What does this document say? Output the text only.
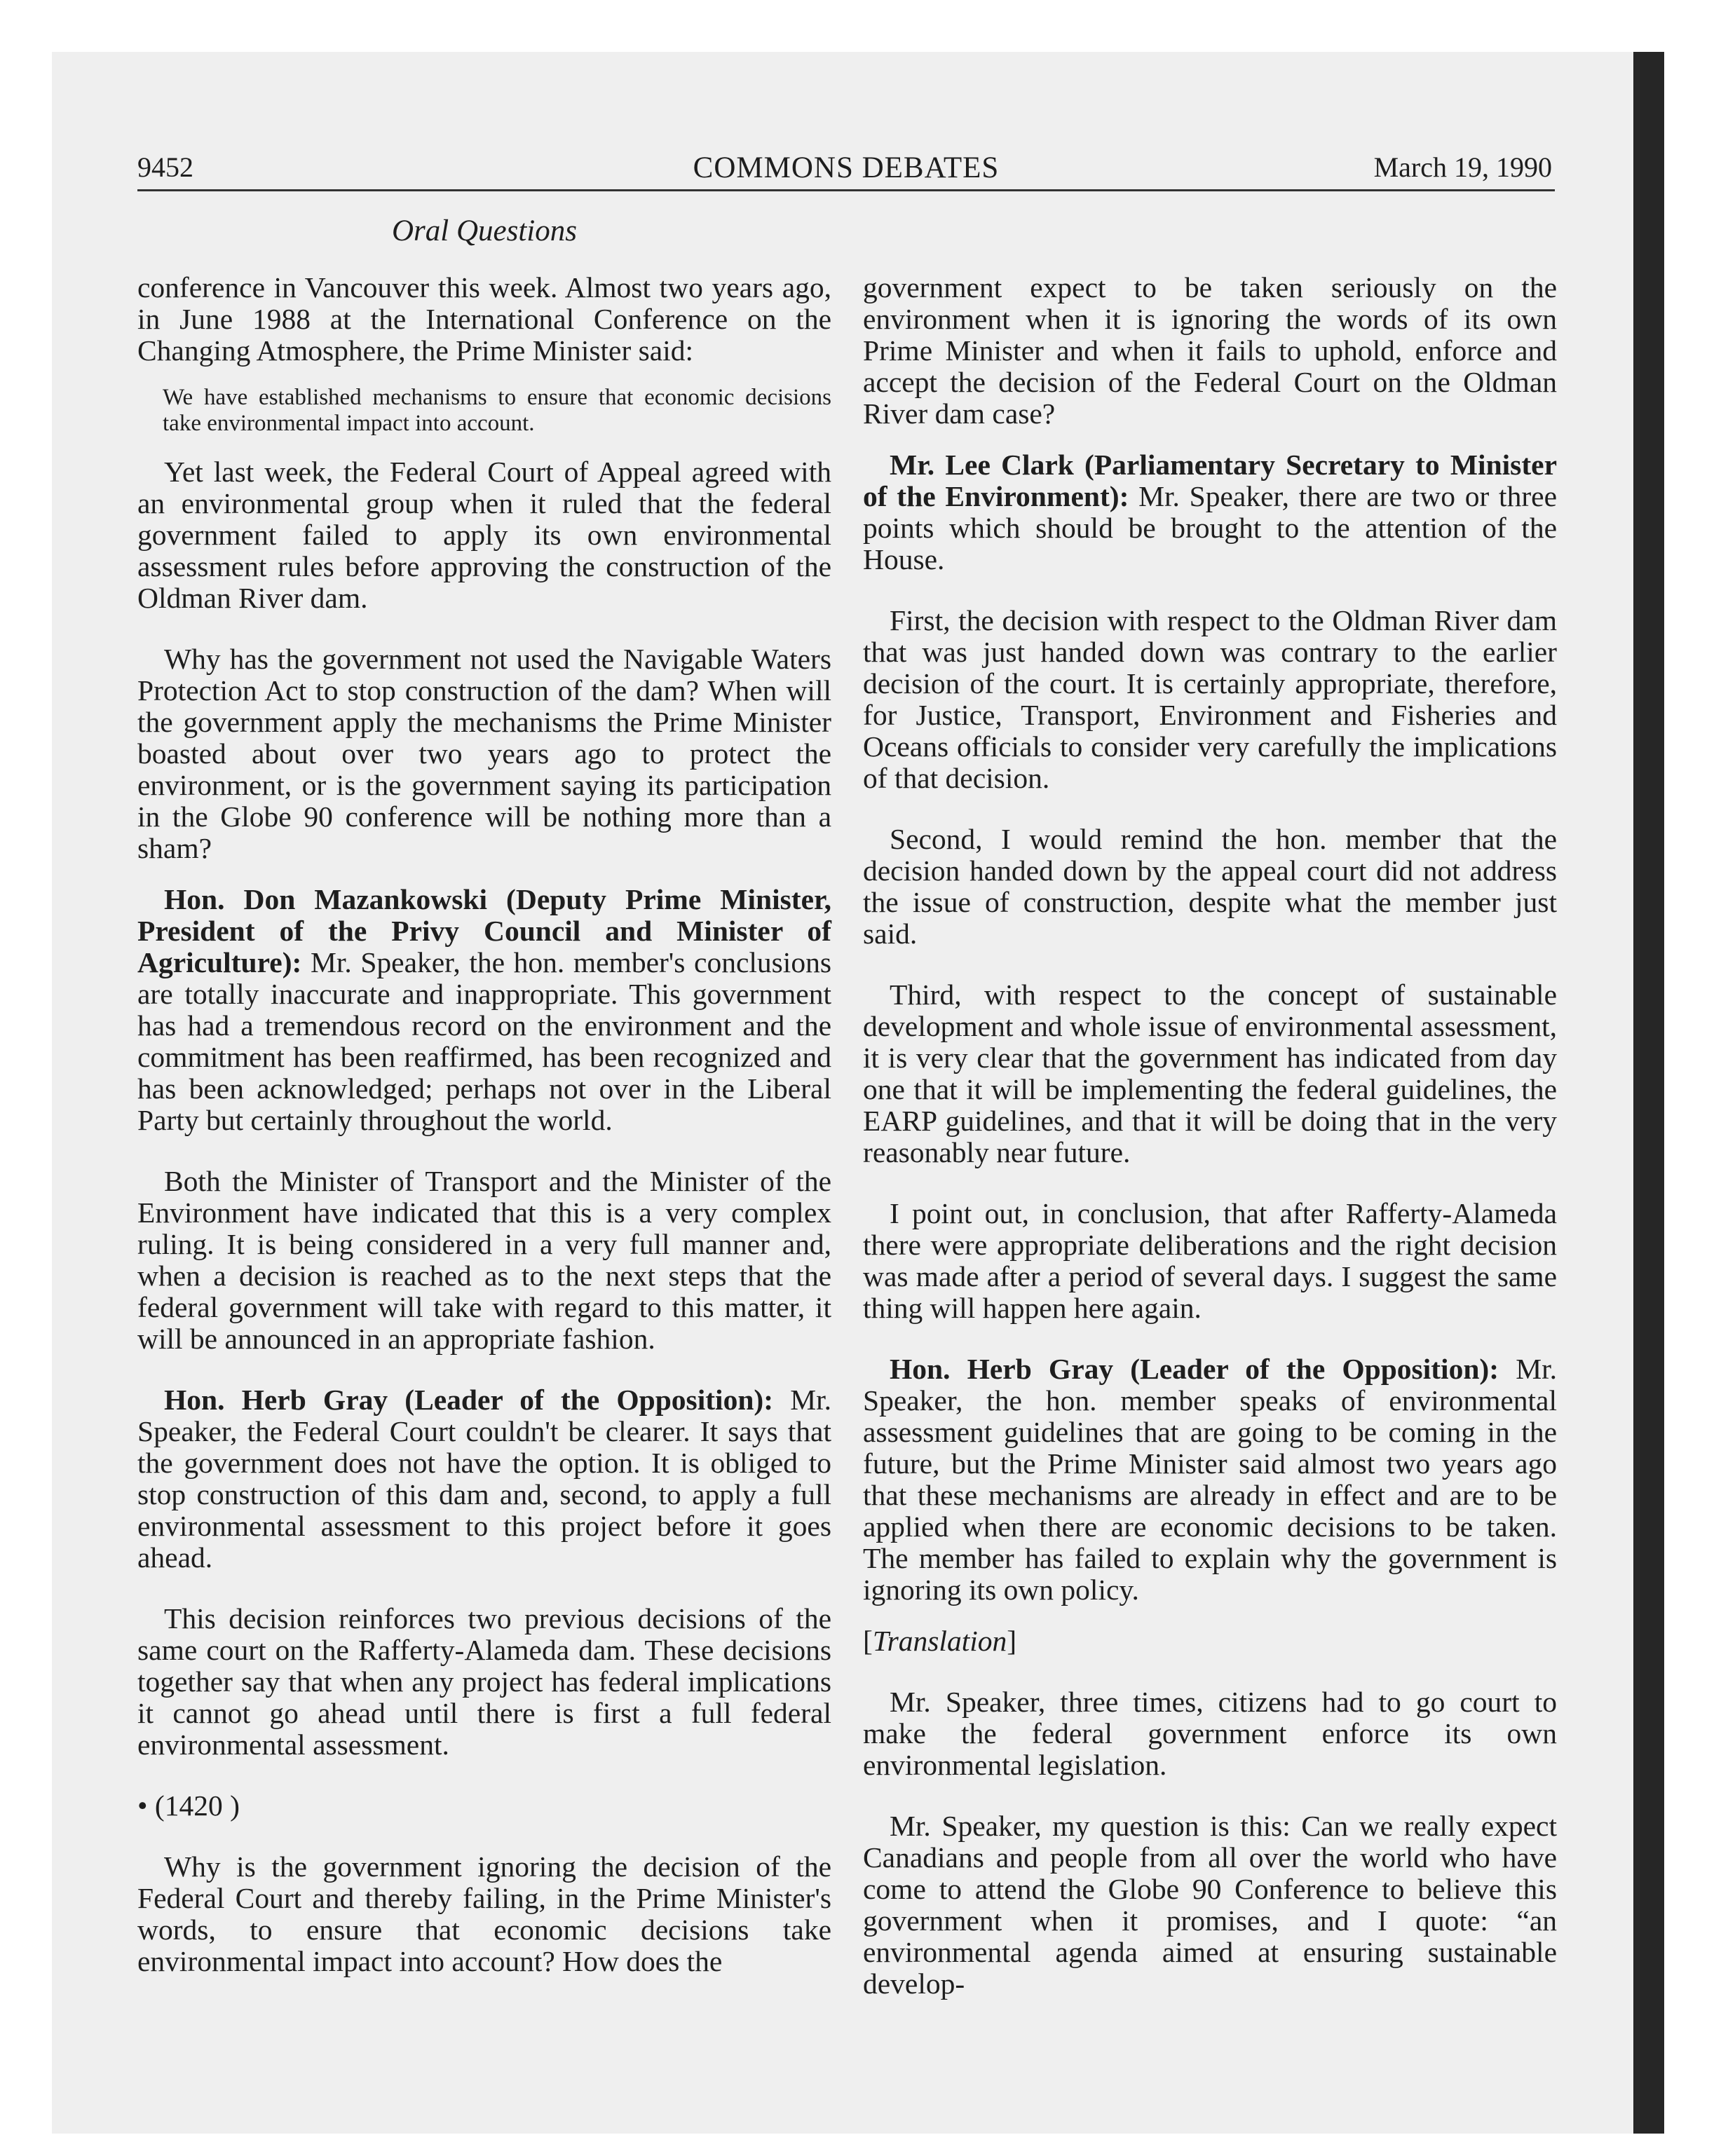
9452	COMMONS DEBATES	March 19, 1990
Oral Questions

conference in Vancouver this week. Almost two years ago, in June 1988 at the International Conference on the Changing Atmosphere, the Prime Minister said:

We have established mechanisms to ensure that economic decisions take environmental impact into account.

Yet last week, the Federal Court of Appeal agreed with an environmental group when it ruled that the federal government failed to apply its own environmental assessment rules before approving the construction of the Oldman River dam.

Why has the government not used the Navigable Waters Protection Act to stop construction of the dam? When will the government apply the mechanisms the Prime Minister boasted about over two years ago to protect the environment, or is the government saying its participation in the Globe 90 conference will be nothing more than a sham?

Hon. Don Mazankowski (Deputy Prime Minister, President of the Privy Council and Minister of Agriculture): Mr. Speaker, the hon. member's conclusions are totally inaccurate and inappropriate. This government has had a tremendous record on the environment and the commitment has been reaffirmed, has been recognized and has been acknowledged; perhaps not over in the Liberal Party but certainly throughout the world.

Both the Minister of Transport and the Minister of the Environment have indicated that this is a very complex ruling. It is being considered in a very full manner and, when a decision is reached as to the next steps that the federal government will take with regard to this matter, it will be announced in an appropriate fashion.

Hon. Herb Gray (Leader of the Opposition): Mr. Speaker, the Federal Court couldn't be clearer. It says that the government does not have the option. It is obliged to stop construction of this dam and, second, to apply a full environmental assessment to this project before it goes ahead.

This decision reinforces two previous decisions of the same court on the Rafferty-Alameda dam. These decisions together say that when any project has federal implications it cannot go ahead until there is first a full federal environmental assessment.

• (1420 )

Why is the government ignoring the decision of the Federal Court and thereby failing, in the Prime Minister's words, to ensure that economic decisions take environmental impact into account? How does the

government expect to be taken seriously on the environment when it is ignoring the words of its own Prime Minister and when it fails to uphold, enforce and accept the decision of the Federal Court on the Oldman River dam case?

Mr. Lee Clark (Parliamentary Secretary to Minister of the Environment): Mr. Speaker, there are two or three points which should be brought to the attention of the House.

First, the decision with respect to the Oldman River dam that was just handed down was contrary to the earlier decision of the court. It is certainly appropriate, therefore, for Justice, Transport, Environment and Fisheries and Oceans officials to consider very carefully the implications of that decision.

Second, I would remind the hon. member that the decision handed down by the appeal court did not address the issue of construction, despite what the member just said.

Third, with respect to the concept of sustainable development and whole issue of environmental assessment, it is very clear that the government has indicated from day one that it will be implementing the federal guidelines, the EARP guidelines, and that it will be doing that in the very reasonably near future.

I point out, in conclusion, that after Rafferty-Alameda there were appropriate deliberations and the right decision was made after a period of several days. I suggest the same thing will happen here again.

Hon. Herb Gray (Leader of the Opposition): Mr. Speaker, the hon. member speaks of environmental assessment guidelines that are going to be coming in the future, but the Prime Minister said almost two years ago that these mechanisms are already in effect and are to be applied when there are economic decisions to be taken. The member has failed to explain why the government is ignoring its own policy.

[Translation]

Mr. Speaker, three times, citizens had to go court to make the federal government enforce its own environmental legislation.

Mr. Speaker, my question is this: Can we really expect Canadians and people from all over the world who have come to attend the Globe 90 Conference to believe this government when it promises, and I quote: “an environmental agenda aimed at ensuring sustainable develop-
